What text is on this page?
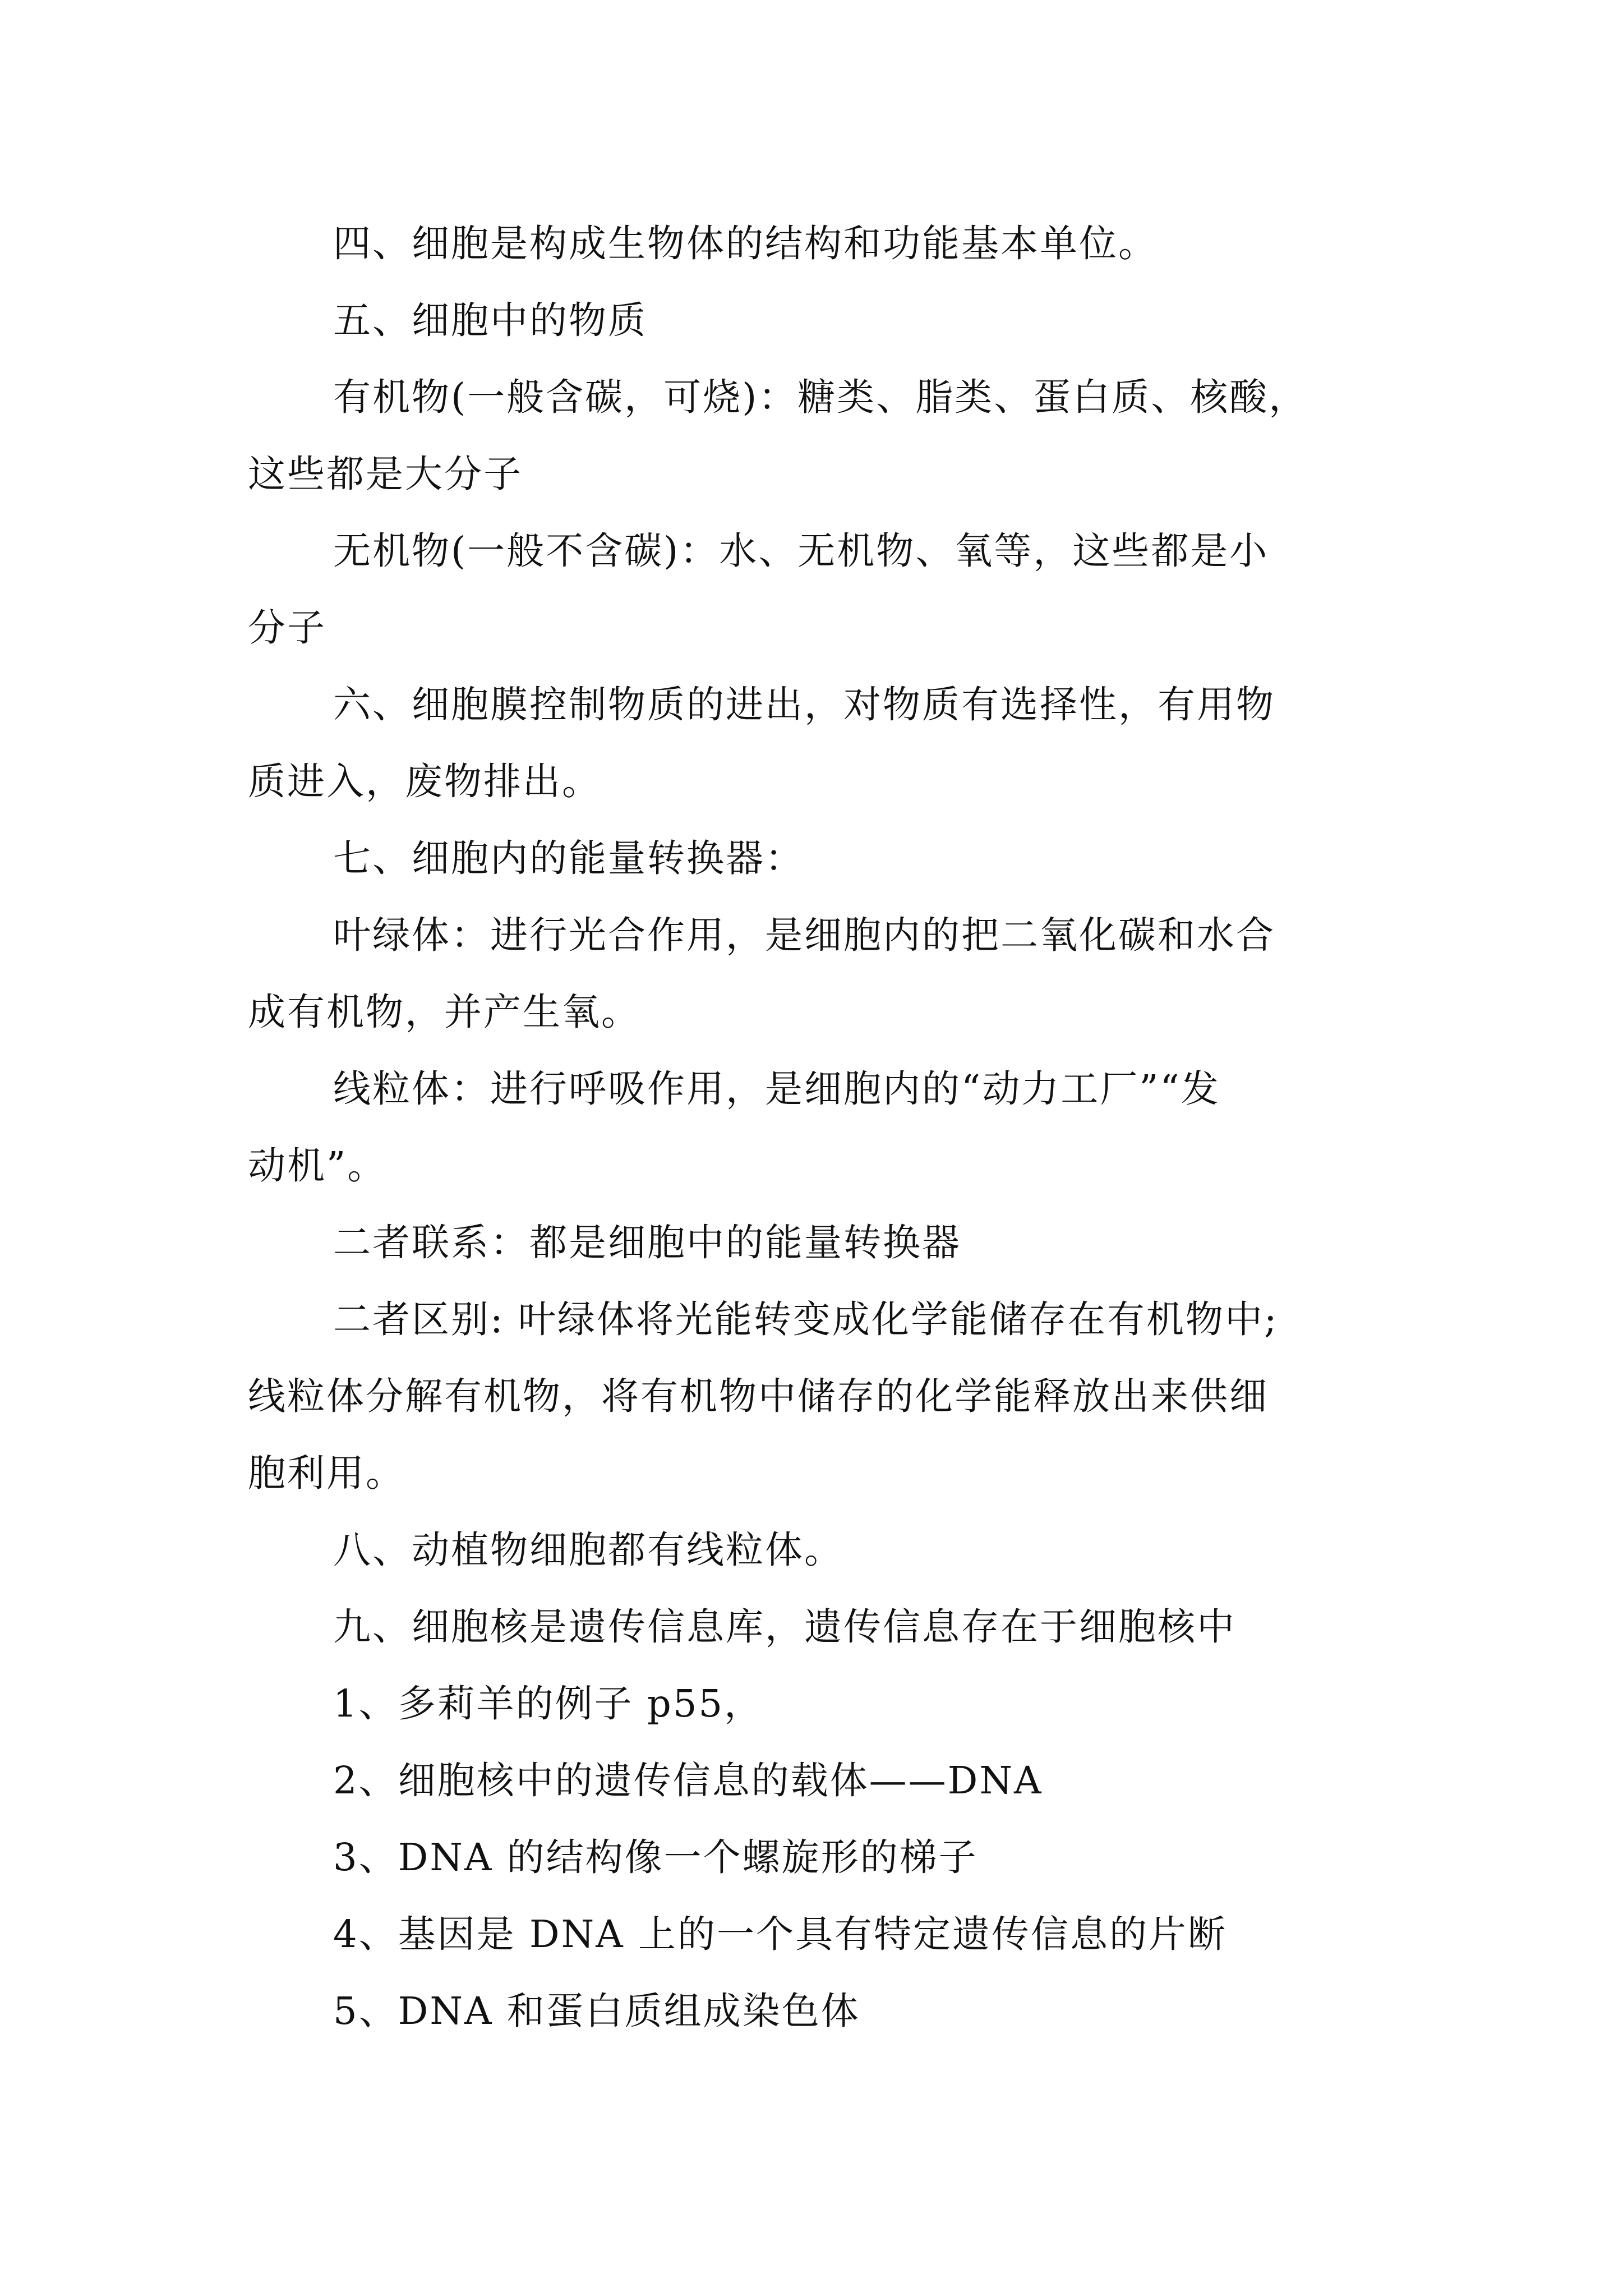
四、细胞是构成生物体的结构和功能基本单位。
五、细胞中的物质
有机物(一般含碳，可烧)：糖类、脂类、蛋白质、核酸，
这些都是大分子
无机物(一般不含碳)：水、无机物、氧等，这些都是小
分子
六、细胞膜控制物质的进出，对物质有选择性，有用物
质进入，废物排出。
七、细胞内的能量转换器：
叶绿体：进行光合作用，是细胞内的把二氧化碳和水合
成有机物，并产生氧。
线粒体：进行呼吸作用，是细胞内的“动力工厂”“发
动机”。
二者联系：都是细胞中的能量转换器
二者区别: 叶绿体将光能转变成化学能储存在有机物中;
线粒体分解有机物，将有机物中储存的化学能释放出来供细
胞利用。
八、动植物细胞都有线粒体。
九、细胞核是遗传信息库，遗传信息存在于细胞核中
1、多莉羊的例子 p55，
2、细胞核中的遗传信息的载体——DNA
3、DNA 的结构像一个螺旋形的梯子
4、基因是 DNA 上的一个具有特定遗传信息的片断
5、DNA 和蛋白质组成染色体
